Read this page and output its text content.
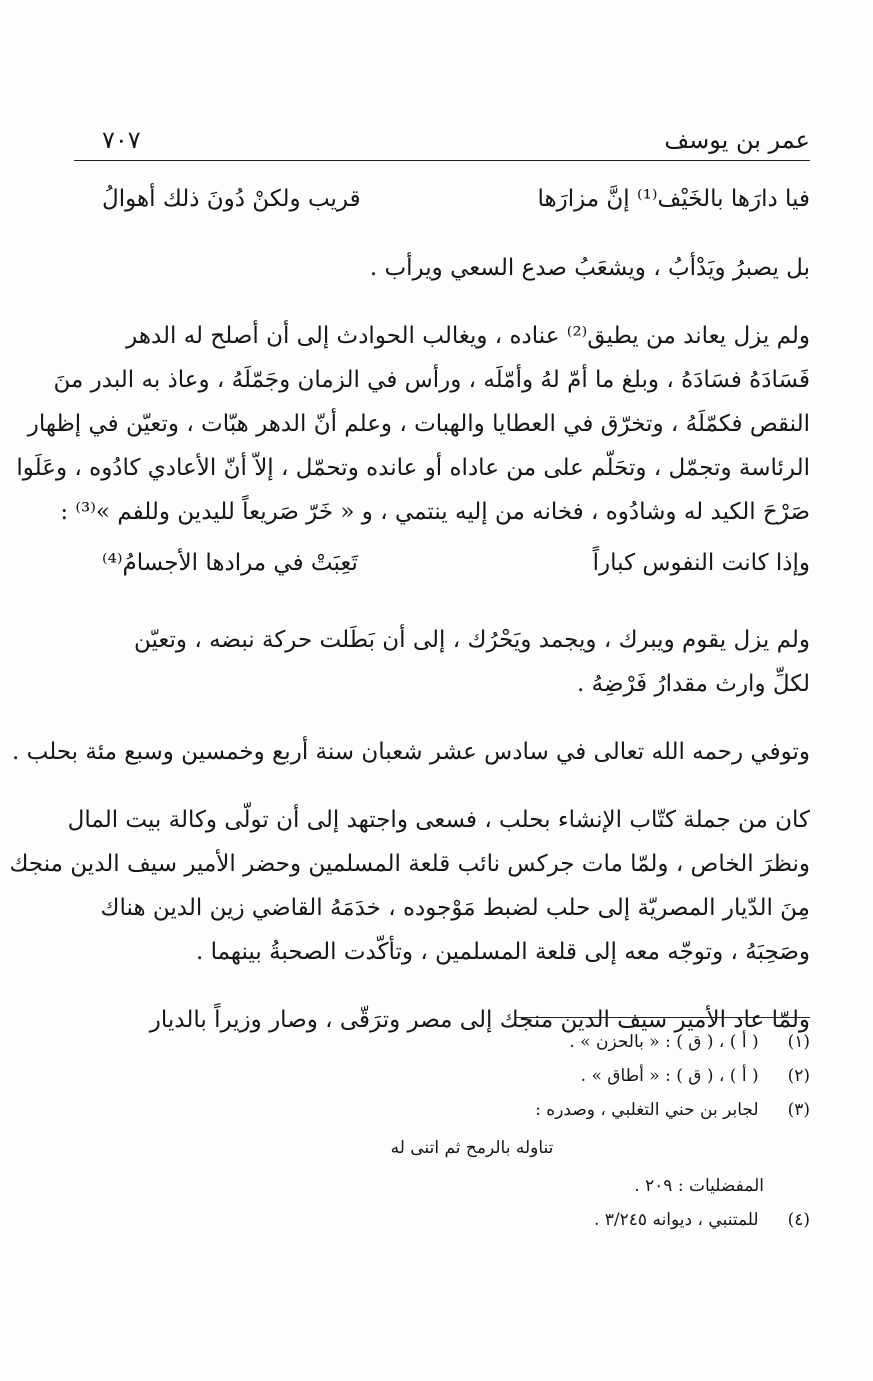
عمر بن يوسف
٧٠٧
فيا دارَها بالخَيْف⁽¹⁾ إنَّ مزارَها
قريب ولكنْ دُونَ ذلك أهوالُ
بل يصبرُ ويَدْأبُ ، ويشعَبُ صدع السعي ويرأب .
ولم يزل يعاند من يطيق⁽²⁾ عناده ، ويغالب الحوادث إلى أن أصلح له الدهر
فَسَادَهُ فسَادَهُ ، وبلغ ما أمّ لهُ وأمّلَه ، ورأس في الزمان وجَمّلَهُ ، وعاذ به البدر منَ
النقص فكمّلَهُ ، وتخرّق في العطايا والهبات ، وعلم أنّ الدهر هبّات ، وتعيّن في إظهار
الرئاسة وتجمّل ، وتحَلّم على من عاداه أو عانده وتحمّل ، إلاّ أنّ الأعادي كادُوه ، وعَلَوا
صَرْحَ الكيد له وشادُوه ، فخانه من إليه ينتمي ، و « خَرّ صَريعاً لليدين وللفم »⁽³⁾ :
وإذا كانت النفوس كباراً
تَعِبَتْ في مرادها الأجسامُ⁽⁴⁾
ولم يزل يقوم ويبرك ، ويجمد ويَحْرُك ، إلى أن بَطَلت حركة نبضه ، وتعيّن
لكلِّ وارث مقدارُ فَرْضِهُ .
وتوفي رحمه الله تعالى في سادس عشر شعبان سنة أربع وخمسين وسبع مئة بحلب .
كان من جملة كتّاب الإنشاء بحلب ، فسعى واجتهد إلى أن تولّى وكالة بيت المال
ونظرَ الخاص ، ولمّا مات جركس نائب قلعة المسلمين وحضر الأمير سيف الدين منجك
مِنَ الدّيار المصريّة إلى حلب لضبط مَوْجوده ، خدَمَهُ القاضي زين الدين هناك
وصَحِبَهُ ، وتوجّه معه إلى قلعة المسلمين ، وتأكّدت الصحبةُ بينهما .
ولمّا عاد الأمير سيف الدين منجك إلى مصر وترَقّى ، وصار وزيراً بالديار
(١) ( أ ) ، ( ق ) : « بالحزن » .
(٢) ( أ ) ، ( ق ) : « أطاق » .
(٣) لجابر بن حني التغلبي ، وصدره :
تناوله بالرمح ثم اتنى له
المفضليات : ٢٠٩ .
(٤) للمتنبي ، ديوانه ٣/٢٤٥ .
